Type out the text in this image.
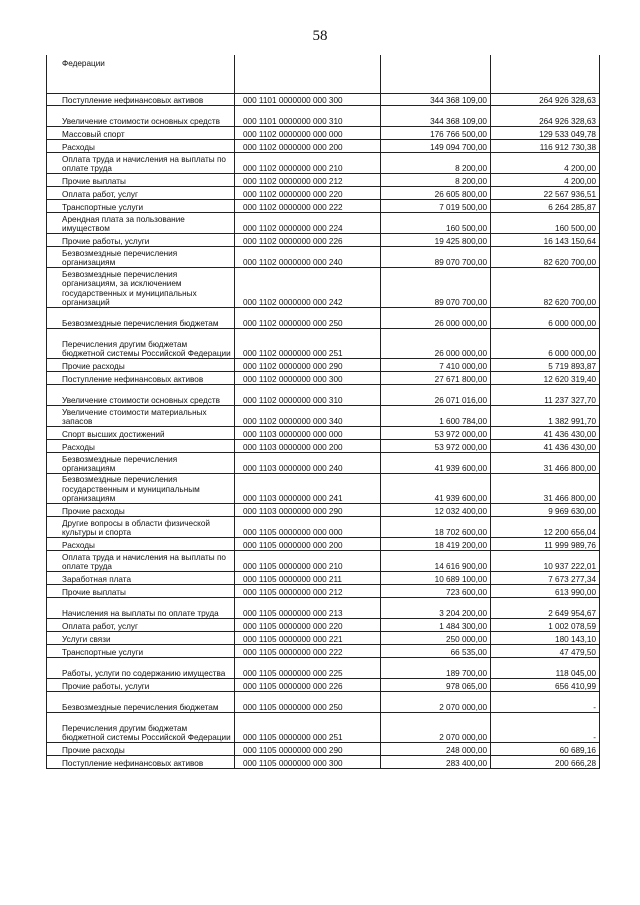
58
Федерации			

Поступление нефинансовых активов	000 1101 0000000 000 300	344 368 109,00	264 926 328,63

Увеличение стоимости основных средств	000 1101 0000000 000 310	344 368 109,00	264 926 328,63

Массовый спорт	000 1102 0000000 000 000	176 766 500,00	129 533 049,78

Расходы	000 1102 0000000 000 200	149 094 700,00	116 912 730,38

Оплата труда и начисления на выплаты по оплате труда	000 1102 0000000 000 210	8 200,00	4 200,00

Прочие выплаты	000 1102 0000000 000 212	8 200,00	4 200,00

Оплата работ, услуг	000 1102 0000000 000 220	26 605 800,00	22 567 936,51

Транспортные услуги	000 1102 0000000 000 222	7 019 500,00	6 264 285,87

Арендная плата за пользование имуществом	000 1102 0000000 000 224	160 500,00	160 500,00

Прочие работы, услуги	000 1102 0000000 000 226	19 425 800,00	16 143 150,64

Безвозмездные перечисления организациям	000 1102 0000000 000 240	89 070 700,00	82 620 700,00

Безвозмездные перечисления организациям, за исключением государственных и муниципальных организаций	000 1102 0000000 000 242	89 070 700,00	82 620 700,00

Безвозмездные перечисления бюджетам	000 1102 0000000 000 250	26 000 000,00	6 000 000,00

Перечисления другим бюджетам бюджетной системы Российской Федерации	000 1102 0000000 000 251	26 000 000,00	6 000 000,00

Прочие расходы	000 1102 0000000 000 290	7 410 000,00	5 719 893,87

Поступление нефинансовых активов	000 1102 0000000 000 300	27 671 800,00	12 620 319,40

Увеличение стоимости основных средств	000 1102 0000000 000 310	26 071 016,00	11 237 327,70

Увеличение стоимости материальных запасов	000 1102 0000000 000 340	1 600 784,00	1 382 991,70

Спорт высших достижений	000 1103 0000000 000 000	53 972 000,00	41 436 430,00

Расходы	000 1103 0000000 000 200	53 972 000,00	41 436 430,00

Безвозмездные перечисления организациям	000 1103 0000000 000 240	41 939 600,00	31 466 800,00

Безвозмездные перечисления государственным и муниципальным организациям	000 1103 0000000 000 241	41 939 600,00	31 466 800,00

Прочие расходы	000 1103 0000000 000 290	12 032 400,00	9 969 630,00

Другие вопросы в области физической культуры и спорта	000 1105 0000000 000 000	18 702 600,00	12 200 656,04

Расходы	000 1105 0000000 000 200	18 419 200,00	11 999 989,76

Оплата труда и начисления на выплаты по оплате труда	000 1105 0000000 000 210	14 616 900,00	10 937 222,01

Заработная плата	000 1105 0000000 000 211	10 689 100,00	7 673 277,34

Прочие выплаты	000 1105 0000000 000 212	723 600,00	613 990,00

Начисления на выплаты по оплате труда	000 1105 0000000 000 213	3 204 200,00	2 649 954,67

Оплата работ, услуг	000 1105 0000000 000 220	1 484 300,00	1 002 078,59

Услуги связи	000 1105 0000000 000 221	250 000,00	180 143,10

Транспортные услуги	000 1105 0000000 000 222	66 535,00	47 479,50

Работы, услуги по содержанию имущества	000 1105 0000000 000 225	189 700,00	118 045,00

Прочие работы, услуги	000 1105 0000000 000 226	978 065,00	656 410,99

Безвозмездные перечисления бюджетам	000 1105 0000000 000 250	2 070 000,00	-

Перечисления другим бюджетам бюджетной системы Российской Федерации	000 1105 0000000 000 251	2 070 000,00	-

Прочие расходы	000 1105 0000000 000 290	248 000,00	60 689,16

Поступление нефинансовых активов	000 1105 0000000 000 300	283 400,00	200 666,28
